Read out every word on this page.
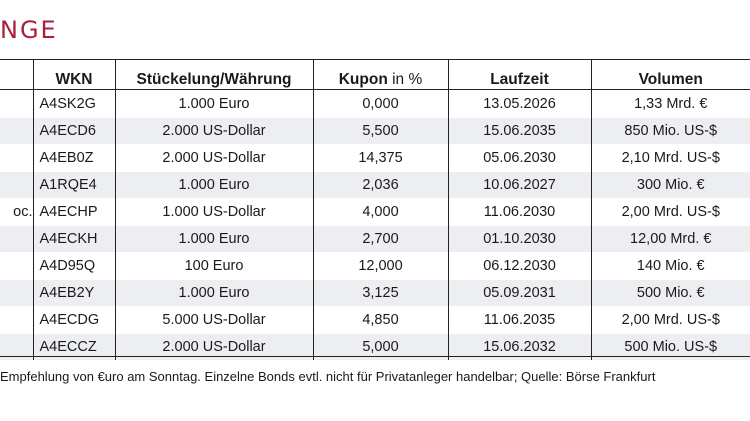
NGE
	WKN	Stückelung/Währung	Kupon in %	Laufzeit	Volumen
	A4SK2G	1.000 Euro	0,000	13.05.2026	1,33 Mrd. €
	A4ECD6	2.000 US-Dollar	5,500	15.06.2035	850 Mio. US-$
	A4EB0Z	2.000 US-Dollar	14,375	05.06.2030	2,10 Mrd. US-$
	A1RQE4	1.000 Euro	2,036	10.06.2027	300 Mio. €
oc.	A4ECHP	1.000 US-Dollar	4,000	11.06.2030	2,00 Mrd. US-$
	A4ECKH	1.000 Euro	2,700	01.10.2030	12,00 Mrd. €
	A4D95Q	100 Euro	12,000	06.12.2030	140 Mio. €
	A4EB2Y	1.000 Euro	3,125	05.09.2031	500 Mio. €
	A4ECDG	5.000 US-Dollar	4,850	11.06.2035	2,00 Mrd. US-$
	A4ECCZ	2.000 US-Dollar	5,000	15.06.2032	500 Mio. US-$
Empfehlung von €uro am Sonntag. Einzelne Bonds evtl. nicht für Privatanleger handelbar; Quelle: Börse Frankfurt
